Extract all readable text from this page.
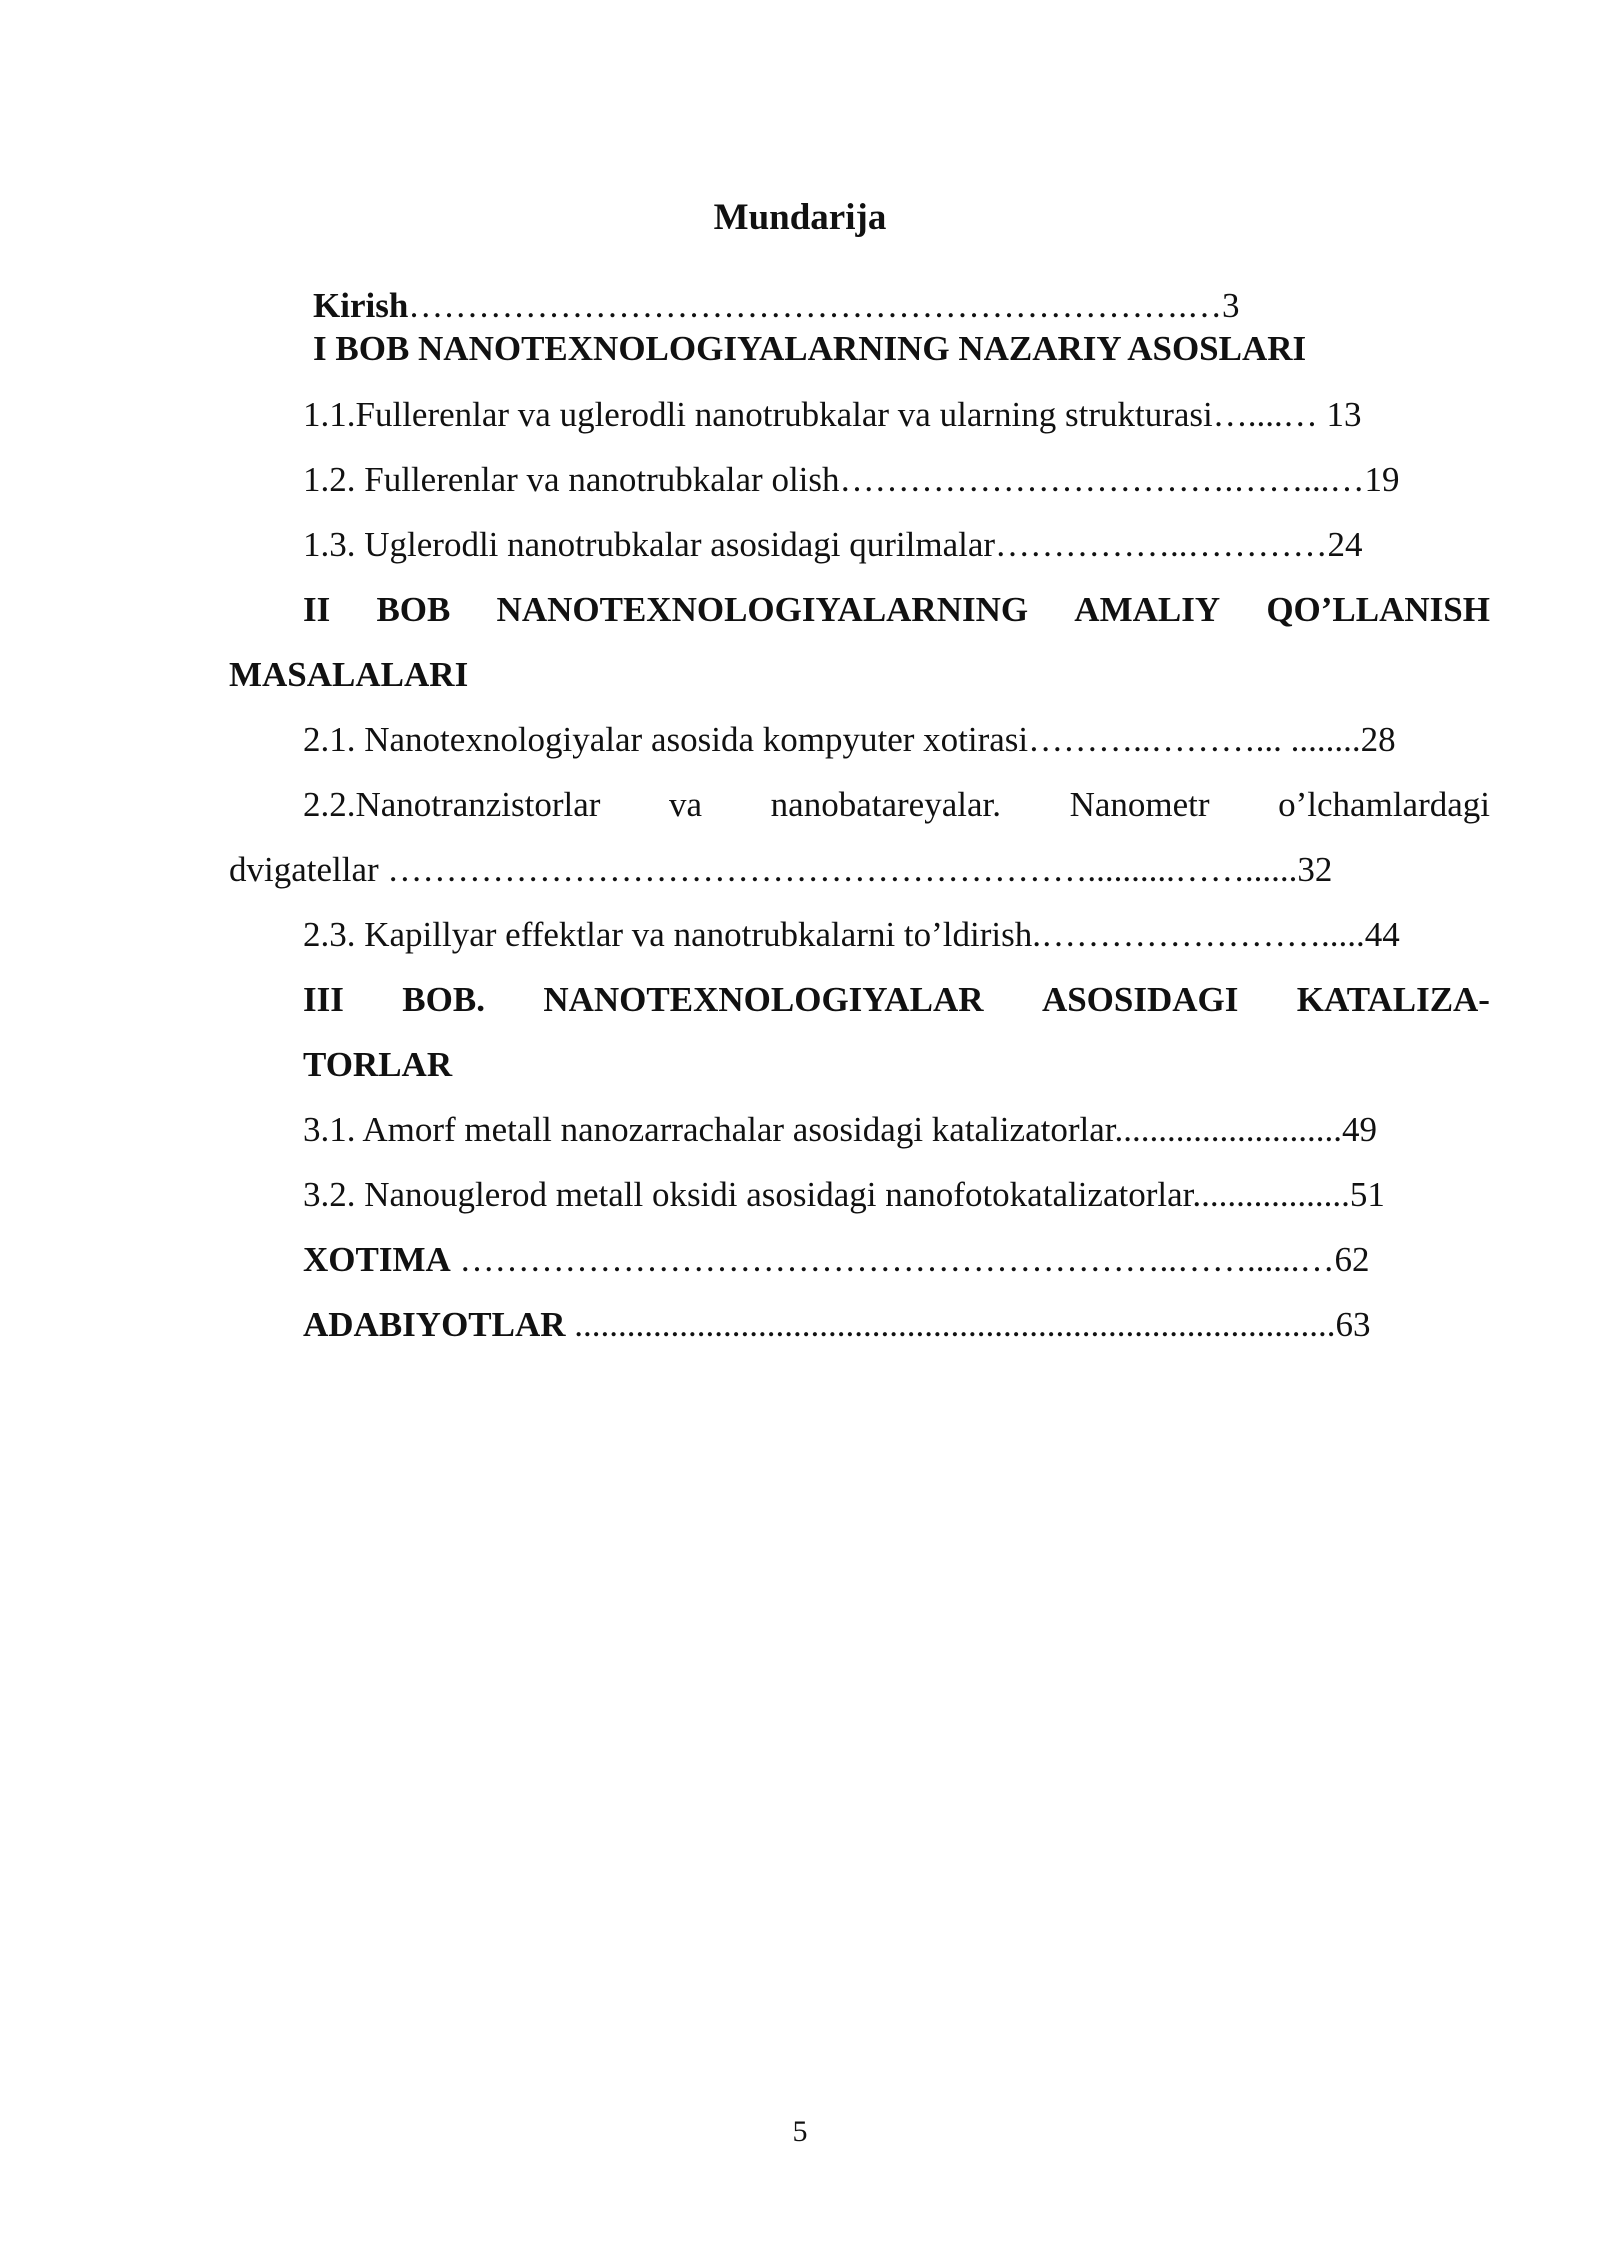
Mundarija
Kirish………………………………………………………….…3
I BOB NANOTEXNOLOGIYALARNING NAZARIY ASOSLARI
1.1.Fullerenlar va uglerodli nanotrubkalar va ularning strukturasi…....… 13
1.2. Fullerenlar va nanotrubkalar olish…………………………….……...…19
1.3. Uglerodli nanotrubkalar asosidagi qurilmalar……………..…………24
II BOB NANOTEXNOLOGIYALARNING AMALIY QO’LLANISH
MASALALARI
2.1. Nanotexnologiyalar asosida kompyuter xotirasi………..………... ........28
2.2.Nanotranzistorlar va nanobatareyalar. Nanometr o’lchamlardagi
dvigatellar ……………………………………………………..........……......32
2.3. Kapillyar effektlar va nanotrubkalarni to’ldirish.…………………….....44
III BOB. NANOTEXNOLOGIYALAR ASOSIDAGI KATALIZA-
TORLAR
3.1. Amorf metall nanozarrachalar asosidagi katalizatorlar..........................49
3.2. Nanouglerod metall oksidi asosidagi nanofotokatalizatorlar..................51
XOTIMA ……………………………………………………..……......…62
ADABIYOTLAR .......................................................................................63
5
